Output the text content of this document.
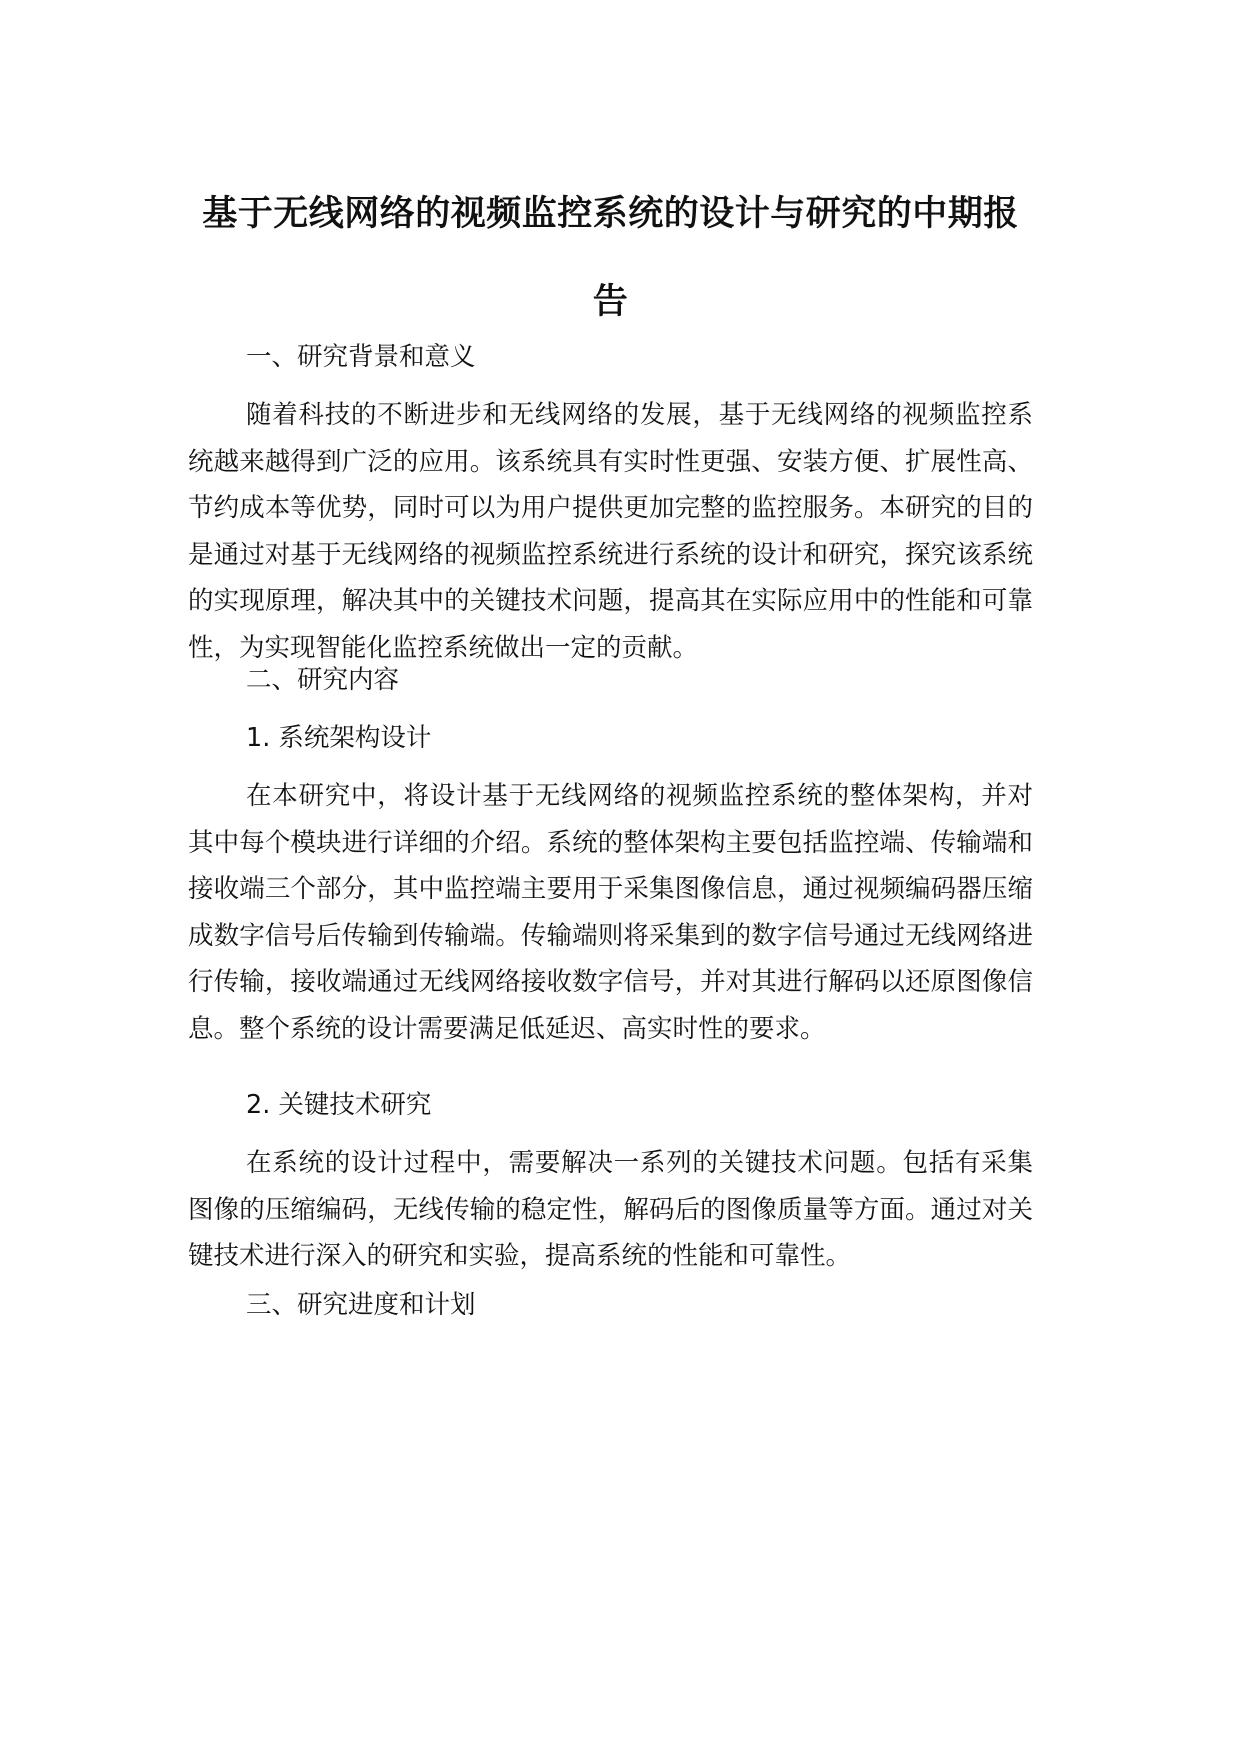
基于无线网络的视频监控系统的设计与研究的中期报告

一、研究背景和意义

随着科技的不断进步和无线网络的发展，基于无线网络的视频监控系统越来越得到广泛的应用。该系统具有实时性更强、安装方便、扩展性高、节约成本等优势，同时可以为用户提供更加完整的监控服务。本研究的目的是通过对基于无线网络的视频监控系统进行系统的设计和研究，探究该系统的实现原理，解决其中的关键技术问题，提高其在实际应用中的性能和可靠性，为实现智能化监控系统做出一定的贡献。

二、研究内容

1. 系统架构设计

在本研究中，将设计基于无线网络的视频监控系统的整体架构，并对其中每个模块进行详细的介绍。系统的整体架构主要包括监控端、传输端和接收端三个部分，其中监控端主要用于采集图像信息，通过视频编码器压缩成数字信号后传输到传输端。传输端则将采集到的数字信号通过无线网络进行传输，接收端通过无线网络接收数字信号，并对其进行解码以还原图像信息。整个系统的设计需要满足低延迟、高实时性的要求。

2. 关键技术研究

在系统的设计过程中，需要解决一系列的关键技术问题。包括有采集图像的压缩编码，无线传输的稳定性，解码后的图像质量等方面。通过对关键技术进行深入的研究和实验，提高系统的性能和可靠性。

三、研究进度和计划
